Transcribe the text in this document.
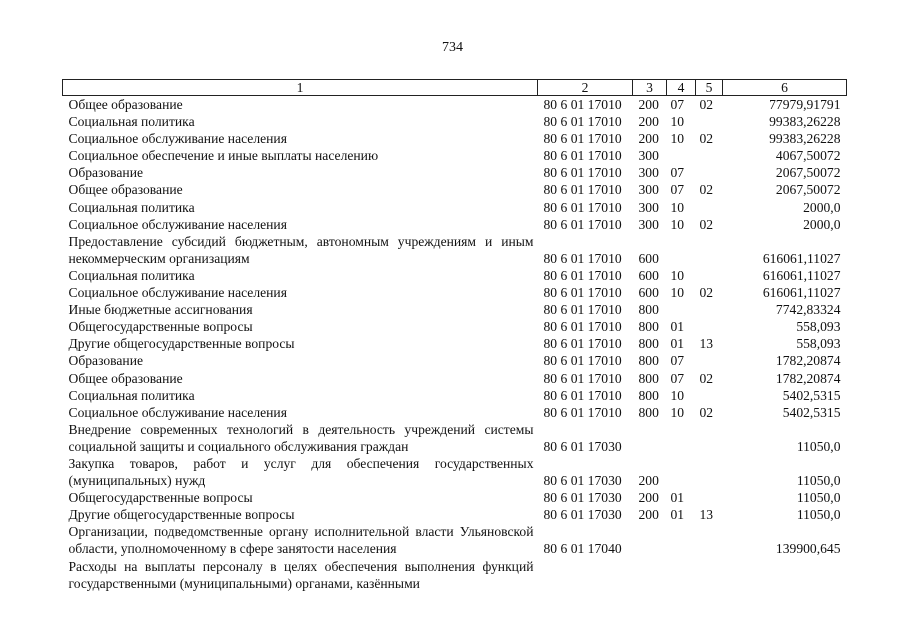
734
1	2	3	4	5	6
Общее образование	80 6 01 17010	200	07	02	77979,91791
Социальная политика	80 6 01 17010	200	10		99383,26228
Социальное обслуживание населения	80 6 01 17010	200	10	02	99383,26228
Социальное обеспечение и иные выплаты населению	80 6 01 17010	300			4067,50072
Образование	80 6 01 17010	300	07		2067,50072
Общее образование	80 6 01 17010	300	07	02	2067,50072
Социальная политика	80 6 01 17010	300	10		2000,0
Социальное обслуживание населения	80 6 01 17010	300	10	02	2000,0
Предоставление субсидий бюджетным, автономным учреждениям и иным некоммерческим организациям	80 6 01 17010	600			616061,11027
Социальная политика	80 6 01 17010	600	10		616061,11027
Социальное обслуживание населения	80 6 01 17010	600	10	02	616061,11027
Иные бюджетные ассигнования	80 6 01 17010	800			7742,83324
Общегосударственные вопросы	80 6 01 17010	800	01		558,093
Другие общегосударственные вопросы	80 6 01 17010	800	01	13	558,093
Образование	80 6 01 17010	800	07		1782,20874
Общее образование	80 6 01 17010	800	07	02	1782,20874
Социальная политика	80 6 01 17010	800	10		5402,5315
Социальное обслуживание населения	80 6 01 17010	800	10	02	5402,5315
Внедрение современных технологий в деятельность учреждений системы социальной защиты и социального обслуживания граждан	80 6 01 17030				11050,0
Закупка товаров, работ и услуг для обеспечения государственных (муниципальных) нужд	80 6 01 17030	200			11050,0
Общегосударственные вопросы	80 6 01 17030	200	01		11050,0
Другие общегосударственные вопросы	80 6 01 17030	200	01	13	11050,0
Организации, подведомственные органу исполнительной власти Ульяновской области, уполномоченному в сфере занятости населения	80 6 01 17040				139900,645
Расходы на выплаты персоналу в целях обеспечения выполнения функций государственными (муниципальными) органами, казёнными					
